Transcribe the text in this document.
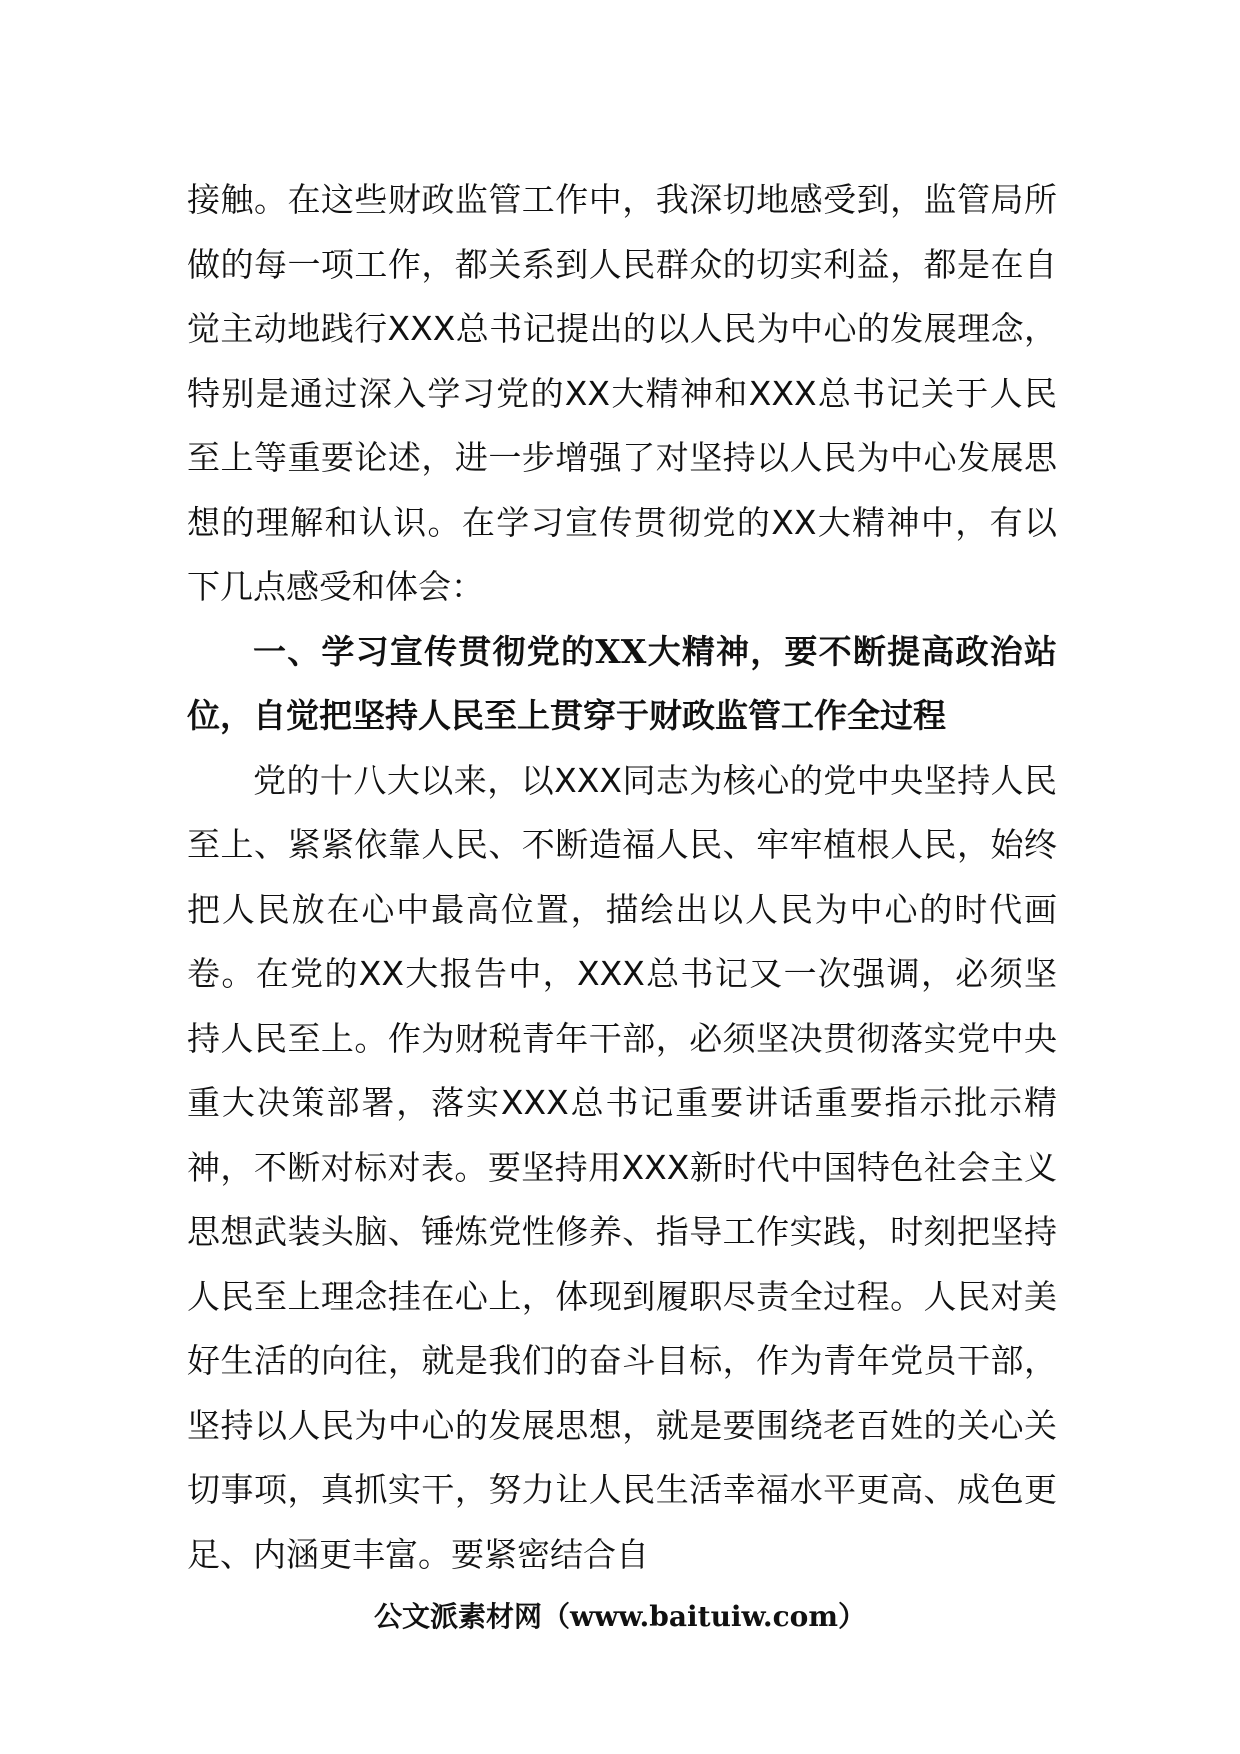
接触。在这些财政监管工作中，我深切地感受到，监管局所做的每一项工作，都关系到人民群众的切实利益，都是在自觉主动地践行XXX总书记提出的以人民为中心的发展理念，特别是通过深入学习党的XX大精神和XXX总书记关于人民至上等重要论述，进一步增强了对坚持以人民为中心发展思想的理解和认识。在学习宣传贯彻党的XX大精神中，有以下几点感受和体会：

一、学习宣传贯彻党的XX大精神，要不断提高政治站位，自觉把坚持人民至上贯穿于财政监管工作全过程

党的十八大以来，以XXX同志为核心的党中央坚持人民至上、紧紧依靠人民、不断造福人民、牢牢植根人民，始终把人民放在心中最高位置，描绘出以人民为中心的时代画卷。在党的XX大报告中，XXX总书记又一次强调，必须坚持人民至上。作为财税青年干部，必须坚决贯彻落实党中央重大决策部署，落实XXX总书记重要讲话重要指示批示精神，不断对标对表。要坚持用XXX新时代中国特色社会主义思想武装头脑、锤炼党性修养、指导工作实践，时刻把坚持人民至上理念挂在心上，体现到履职尽责全过程。人民对美好生活的向往，就是我们的奋斗目标，作为青年党员干部，坚持以人民为中心的发展思想，就是要围绕老百姓的关心关切事项，真抓实干，努力让人民生活幸福水平更高、成色更足、内涵更丰富。要紧密结合自

公文派素材网（www.baituiw.com）
